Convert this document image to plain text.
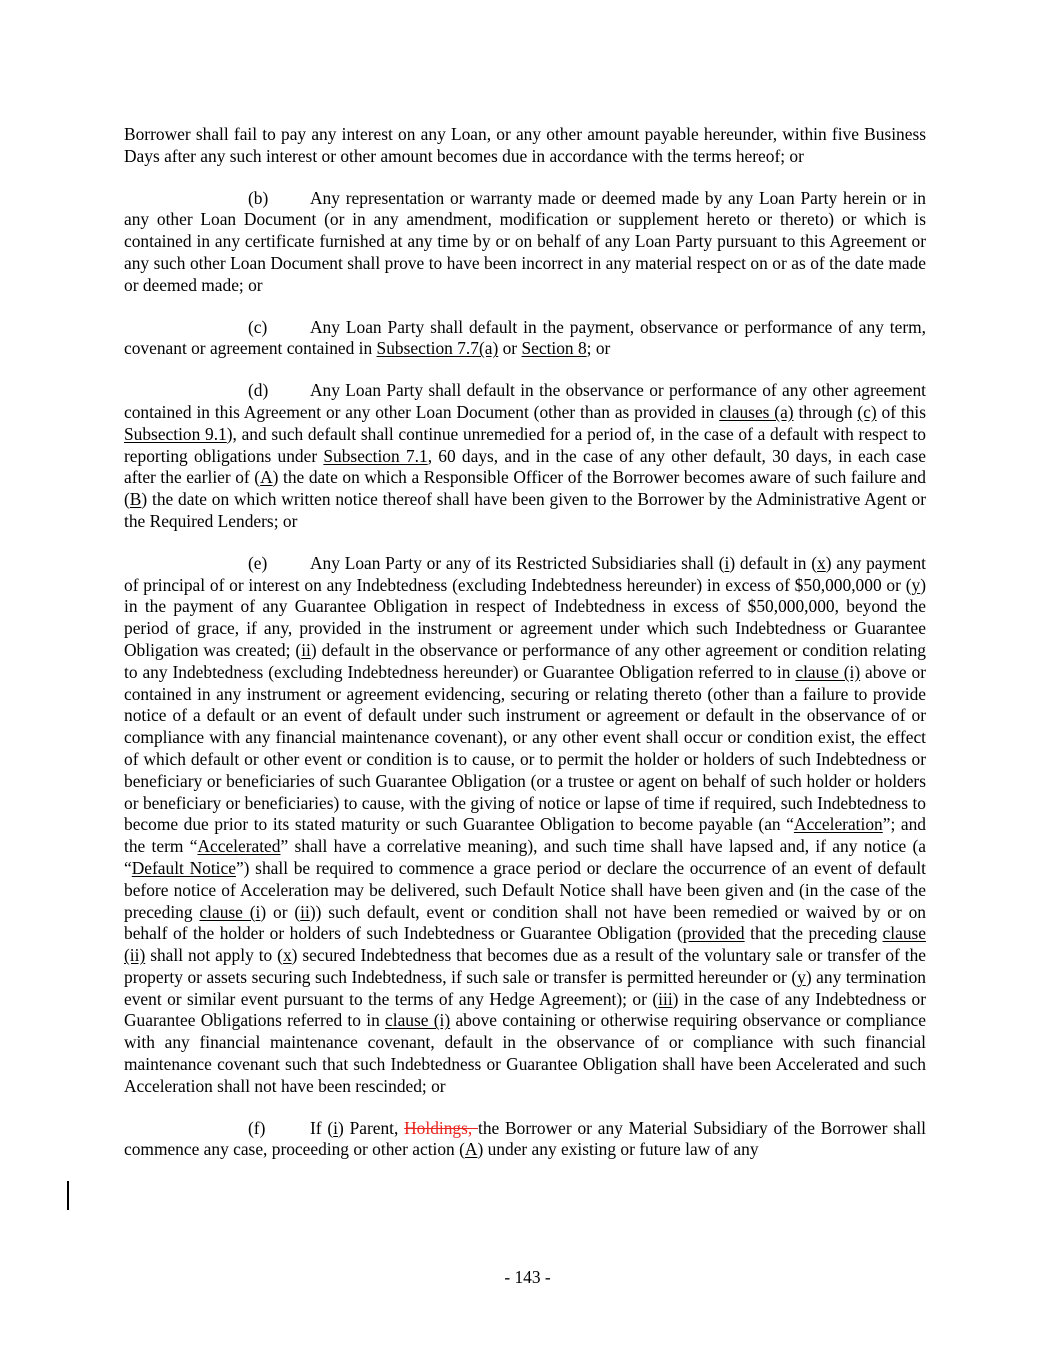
Borrower shall fail to pay any interest on any Loan, or any other amount payable hereunder, within five Business Days after any such interest or other amount becomes due in accordance with the terms hereof; or

(b) Any representation or warranty made or deemed made by any Loan Party herein or in any other Loan Document (or in any amendment, modification or supplement hereto or thereto) or which is contained in any certificate furnished at any time by or on behalf of any Loan Party pursuant to this Agreement or any such other Loan Document shall prove to have been incorrect in any material respect on or as of the date made or deemed made; or

(c) Any Loan Party shall default in the payment, observance or performance of any term, covenant or agreement contained in Subsection 7.7(a) or Section 8; or

(d) Any Loan Party shall default in the observance or performance of any other agreement contained in this Agreement or any other Loan Document (other than as provided in clauses (a) through (c) of this Subsection 9.1), and such default shall continue unremedied for a period of, in the case of a default with respect to reporting obligations under Subsection 7.1, 60 days, and in the case of any other default, 30 days, in each case after the earlier of (A) the date on which a Responsible Officer of the Borrower becomes aware of such failure and (B) the date on which written notice thereof shall have been given to the Borrower by the Administrative Agent or the Required Lenders; or

(e) Any Loan Party or any of its Restricted Subsidiaries shall (i) default in (x) any payment of principal of or interest on any Indebtedness (excluding Indebtedness hereunder) in excess of $50,000,000 or (y) in the payment of any Guarantee Obligation in respect of Indebtedness in excess of $50,000,000, beyond the period of grace, if any, provided in the instrument or agreement under which such Indebtedness or Guarantee Obligation was created; (ii) default in the observance or performance of any other agreement or condition relating to any Indebtedness (excluding Indebtedness hereunder) or Guarantee Obligation referred to in clause (i) above or contained in any instrument or agreement evidencing, securing or relating thereto (other than a failure to provide notice of a default or an event of default under such instrument or agreement or default in the observance of or compliance with any financial maintenance covenant), or any other event shall occur or condition exist, the effect of which default or other event or condition is to cause, or to permit the holder or holders of such Indebtedness or beneficiary or beneficiaries of such Guarantee Obligation (or a trustee or agent on behalf of such holder or holders or beneficiary or beneficiaries) to cause, with the giving of notice or lapse of time if required, such Indebtedness to become due prior to its stated maturity or such Guarantee Obligation to become payable (an “Acceleration”; and the term “Accelerated” shall have a correlative meaning), and such time shall have lapsed and, if any notice (a “Default Notice”) shall be required to commence a grace period or declare the occurrence of an event of default before notice of Acceleration may be delivered, such Default Notice shall have been given and (in the case of the preceding clause (i) or (ii)) such default, event or condition shall not have been remedied or waived by or on behalf of the holder or holders of such Indebtedness or Guarantee Obligation (provided that the preceding clause (ii) shall not apply to (x) secured Indebtedness that becomes due as a result of the voluntary sale or transfer of the property or assets securing such Indebtedness, if such sale or transfer is permitted hereunder or (y) any termination event or similar event pursuant to the terms of any Hedge Agreement); or (iii) in the case of any Indebtedness or Guarantee Obligations referred to in clause (i) above containing or otherwise requiring observance or compliance with any financial maintenance covenant, default in the observance of or compliance with such financial maintenance covenant such that such Indebtedness or Guarantee Obligation shall have been Accelerated and such Acceleration shall not have been rescinded; or

(f)	If (i) Parent, Holdings, the Borrower or any Material Subsidiary of the Borrower shall commence any case, proceeding or other action (A) under any existing or future law of any

- 143 -
